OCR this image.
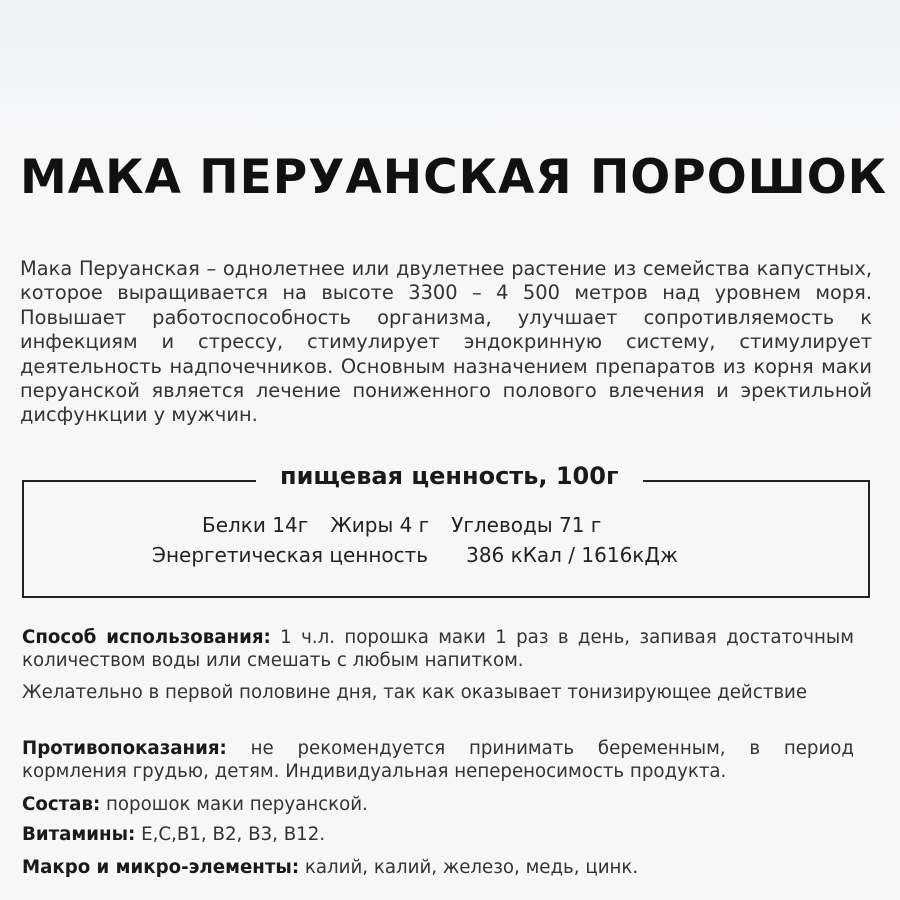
МАКА ПЕРУАНСКАЯ ПОРОШОК

Мака Перуанская – однолетнее или двулетнее растение из семейства капустных, которое выращивается на высоте 3300 – 4 500 метров над уровнем моря. Повышает работоспособность организма, улучшает сопротивляемость к инфекциям и стрессу, стимулирует эндокринную систему, стимулирует деятельность надпочечников. Основным назначением препаратов из корня маки перуанской является лечение пониженного полового влечения и эректильной дисфункции у мужчин.

пищевая ценность, 100г
Белки 14г Жиры 4 г Углеводы 71 г
Энергетическая ценность 386 кКал / 1616кДж

Способ использования: 1 ч.л. порошка маки 1 раз в день, запивая достаточным количеством воды или смешать с любым напитком.

Желательно в первой половине дня, так как оказывает тонизирующее действие

Противопоказания: не рекомендуется принимать беременным, в период кормления грудью, детям. Индивидуальная непереносимость продукта.

Состав: порошок маки перуанской.

Витамины: E,C,B1, B2, B3, B12.

Макро и микро-элементы: калий, калий, железо, медь, цинк.
